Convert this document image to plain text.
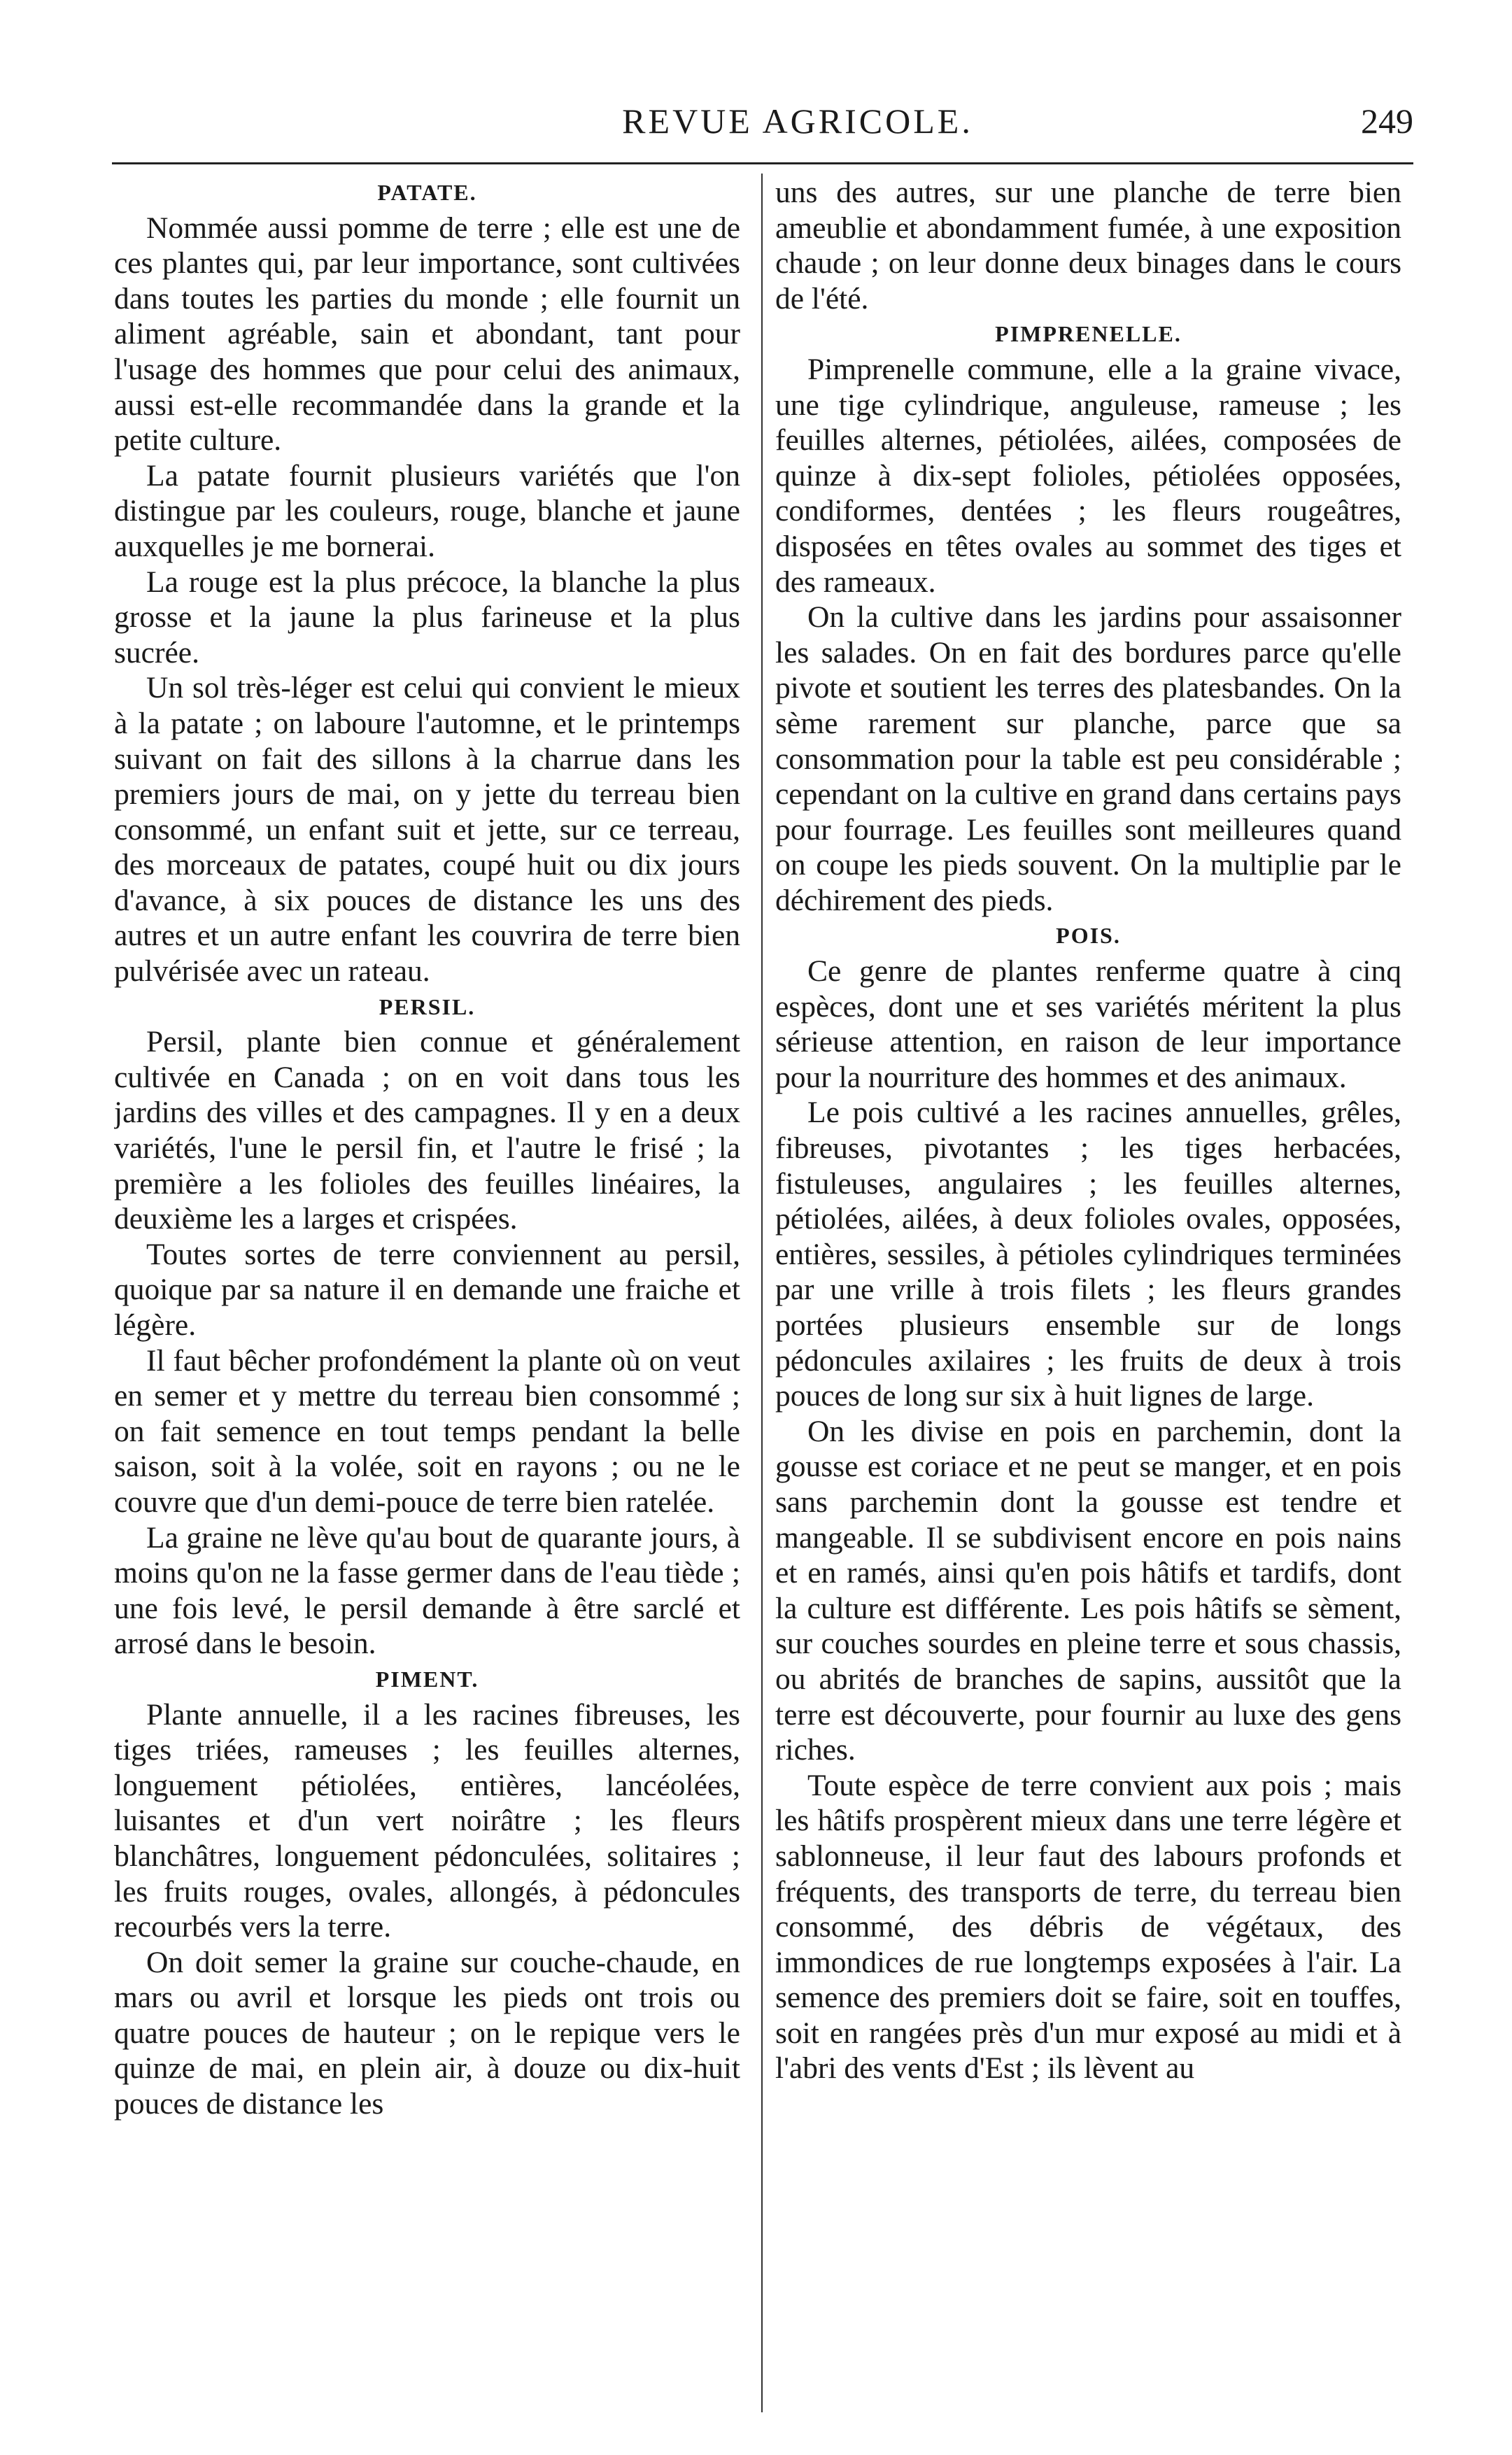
REVUE AGRICOLE.	249
PATATE.

Nommée aussi pomme de terre ; elle est une de ces plantes qui, par leur importance, sont cultivées dans toutes les parties du monde ; elle fournit un aliment agréable, sain et abondant, tant pour l'usage des hommes que pour celui des animaux, aussi est-elle recommandée dans la grande et la petite culture.

La patate fournit plusieurs variétés que l'on distingue par les couleurs, rouge, blanche et jaune auxquelles je me bornerai.

La rouge est la plus précoce, la blanche la plus grosse et la jaune la plus farineuse et la plus sucrée.

Un sol très-léger est celui qui convient le mieux à la patate ; on laboure l'automne, et le printemps suivant on fait des sillons à la charrue dans les premiers jours de mai, on y jette du terreau bien consommé, un enfant suit et jette, sur ce terreau, des morceaux de patates, coupé huit ou dix jours d'avance, à six pouces de distance les uns des autres et un autre enfant les couvrira de terre bien pulvérisée avec un rateau.

PERSIL.

Persil, plante bien connue et généralement cultivée en Canada ; on en voit dans tous les jardins des villes et des campagnes. Il y en a deux variétés, l'une le persil fin, et l'autre le frisé ; la première a les folioles des feuilles linéaires, la deuxième les a larges et crispées.

Toutes sortes de terre conviennent au persil, quoique par sa nature il en demande une fraiche et légère.

Il faut bêcher profondément la plante où on veut en semer et y mettre du terreau bien consommé ; on fait semence en tout temps pendant la belle saison, soit à la volée, soit en rayons ; ou ne le couvre que d'un demi-pouce de terre bien ratelée.

La graine ne lève qu'au bout de quarante jours, à moins qu'on ne la fasse germer dans de l'eau tiède ; une fois levé, le persil demande à être sarclé et arrosé dans le besoin.

PIMENT.

Plante annuelle, il a les racines fibreuses, les tiges triées, rameuses ; les feuilles alternes, longuement pétiolées, entières, lancéolées, luisantes et d'un vert noirâtre ; les fleurs blanchâtres, longuement pédonculées, solitaires ; les fruits rouges, ovales, allongés, à pédoncules recourbés vers la terre.

On doit semer la graine sur couche-chaude, en mars ou avril et lorsque les pieds ont trois ou quatre pouces de hauteur ; on le repique vers le quinze de mai, en plein air, à douze ou dix-huit pouces de distance les

uns des autres, sur une planche de terre bien ameublie et abondamment fumée, à une exposition chaude ; on leur donne deux binages dans le cours de l'été.

PIMPRENELLE.

Pimprenelle commune, elle a la graine vivace, une tige cylindrique, anguleuse, rameuse ; les feuilles alternes, pétiolées, ailées, composées de quinze à dix-sept folioles, pétiolées opposées, condiformes, dentées ; les fleurs rougeâtres, disposées en têtes ovales au sommet des tiges et des rameaux.

On la cultive dans les jardins pour assaisonner les salades. On en fait des bordures parce qu'elle pivote et soutient les terres des platesbandes. On la sème rarement sur planche, parce que sa consommation pour la table est peu considérable ; cependant on la cultive en grand dans certains pays pour fourrage. Les feuilles sont meilleures quand on coupe les pieds souvent. On la multiplie par le déchirement des pieds.

POIS.

Ce genre de plantes renferme quatre à cinq espèces, dont une et ses variétés méritent la plus sérieuse attention, en raison de leur importance pour la nourriture des hommes et des animaux.

Le pois cultivé a les racines annuelles, grêles, fibreuses, pivotantes ; les tiges herbacées, fistuleuses, angulaires ; les feuilles alternes, pétiolées, ailées, à deux folioles ovales, opposées, entières, sessiles, à pétioles cylindriques terminées par une vrille à trois filets ; les fleurs grandes portées plusieurs ensemble sur de longs pédoncules axilaires ; les fruits de deux à trois pouces de long sur six à huit lignes de large.

On les divise en pois en parchemin, dont la gousse est coriace et ne peut se manger, et en pois sans parchemin dont la gousse est tendre et mangeable. Il se subdivisent encore en pois nains et en ramés, ainsi qu'en pois hâtifs et tardifs, dont la culture est différente. Les pois hâtifs se sèment, sur couches sourdes en pleine terre et sous chassis, ou abrités de branches de sapins, aussitôt que la terre est découverte, pour fournir au luxe des gens riches.

Toute espèce de terre convient aux pois ; mais les hâtifs prospèrent mieux dans une terre légère et sablonneuse, il leur faut des labours profonds et fréquents, des transports de terre, du terreau bien consommé, des débris de végétaux, des immondices de rue longtemps exposées à l'air. La semence des premiers doit se faire, soit en touffes, soit en rangées près d'un mur exposé au midi et à l'abri des vents d'Est ; ils lèvent au
